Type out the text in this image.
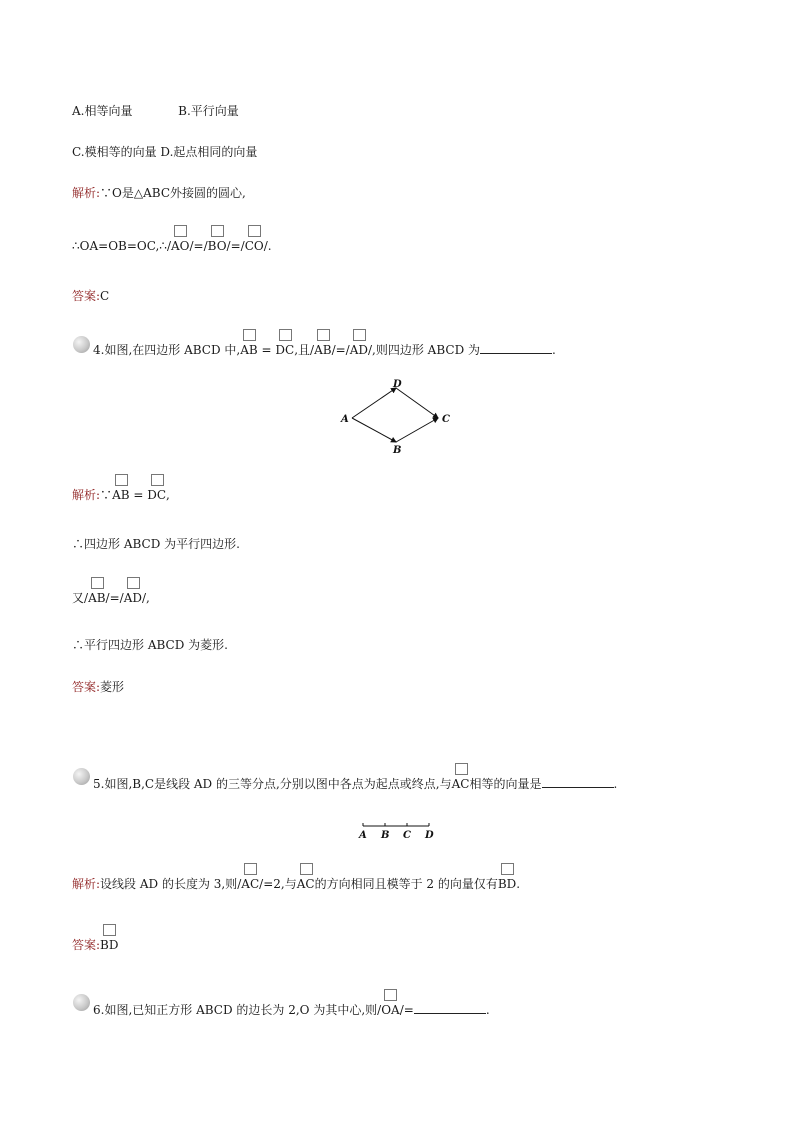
A.相等向量	B.平行向量
C.模相等的向量 D.起点相同的向量
解析:∵O是△ABC外接圆的圆心,
∴OA=OB=OC,∴/AO/=/BO/=/CO/.
答案:C
4.如图,在四边形 ABCD 中,AB = DC,且/AB/=/AD/,则四边形 ABCD 为	.
A
D
C
B
解析:∵AB = DC,
∴四边形 ABCD 为平行四边形.
又/AB/=/AD/,
∴平行四边形 ABCD 为菱形.
答案:菱形
5.如图,B,C是线段 AD 的三等分点,分别以图中各点为起点或终点,与AC相等的向量是	.
A B C D
解析:设线段 AD 的长度为 3,则/AC/=2,与AC的方向相同且模等于 2 的向量仅有BD.
答案:BD
6.如图,已知正方形 ABCD 的边长为 2,O 为其中心,则/OA/=	.
